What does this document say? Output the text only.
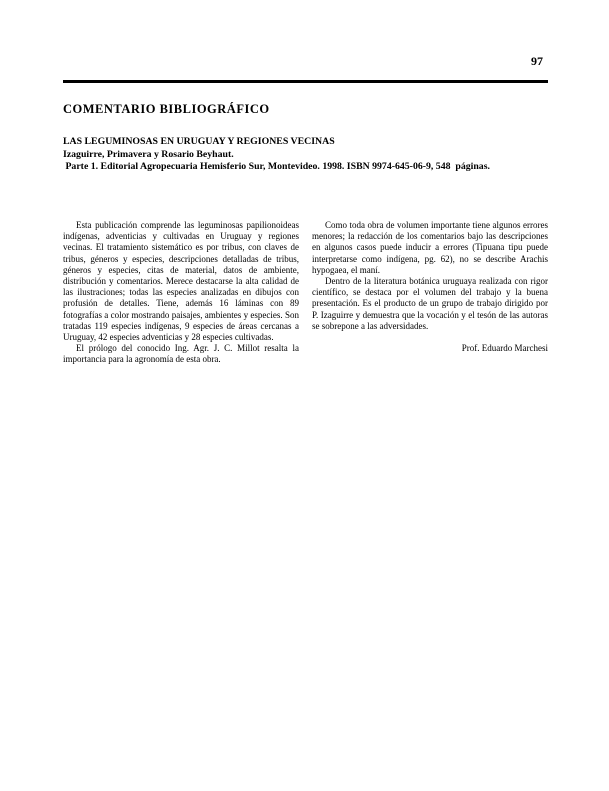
97
COMENTARIO BIBLIOGRÁFICO
LAS LEGUMINOSAS EN URUGUAY Y REGIONES VECINAS
Izaguirre, Primavera y Rosario Beyhaut.
Parte 1. Editorial Agropecuaria Hemisferio Sur, Montevideo. 1998. ISBN 9974-645-06-9, 548  páginas.

Esta publicación comprende las leguminosas papilionoideas indígenas, adventicias y cultivadas en Uruguay y regiones vecinas. El tratamiento sistemático es por tribus, con claves de tribus, géneros y especies, descripciones detalladas de tribus, géneros y especies, citas de material, datos de ambiente, distribución y comentarios. Merece destacarse la alta calidad de las ilustraciones; todas las especies analizadas en dibujos con profusión de detalles. Tiene, además 16 láminas con 89 fotografías a color mostrando paisajes, ambientes y especies. Son tratadas 119 especies indígenas, 9 especies de áreas cercanas a Uruguay, 42 especies adventicias y 28 especies cultivadas.

El prólogo del conocido Ing. Agr. J. C. Millot resalta la importancia para la agronomía de esta obra.

Como toda obra de volumen importante tiene algunos errores menores; la redacción de los comentarios bajo las descripciones en algunos casos puede inducir a errores (Tipuana tipu puede interpretarse como indígena, pg. 62), no se describe Arachis hypogaea, el maní.

Dentro de la literatura botánica uruguaya realizada con rigor científico, se destaca por el volumen del trabajo y la buena presentación. Es el producto de un grupo de trabajo dirigido por P. Izaguirre y demuestra que la vocación y el tesón de las autoras se sobrepone a las adversidades.

Prof. Eduardo Marchesi
